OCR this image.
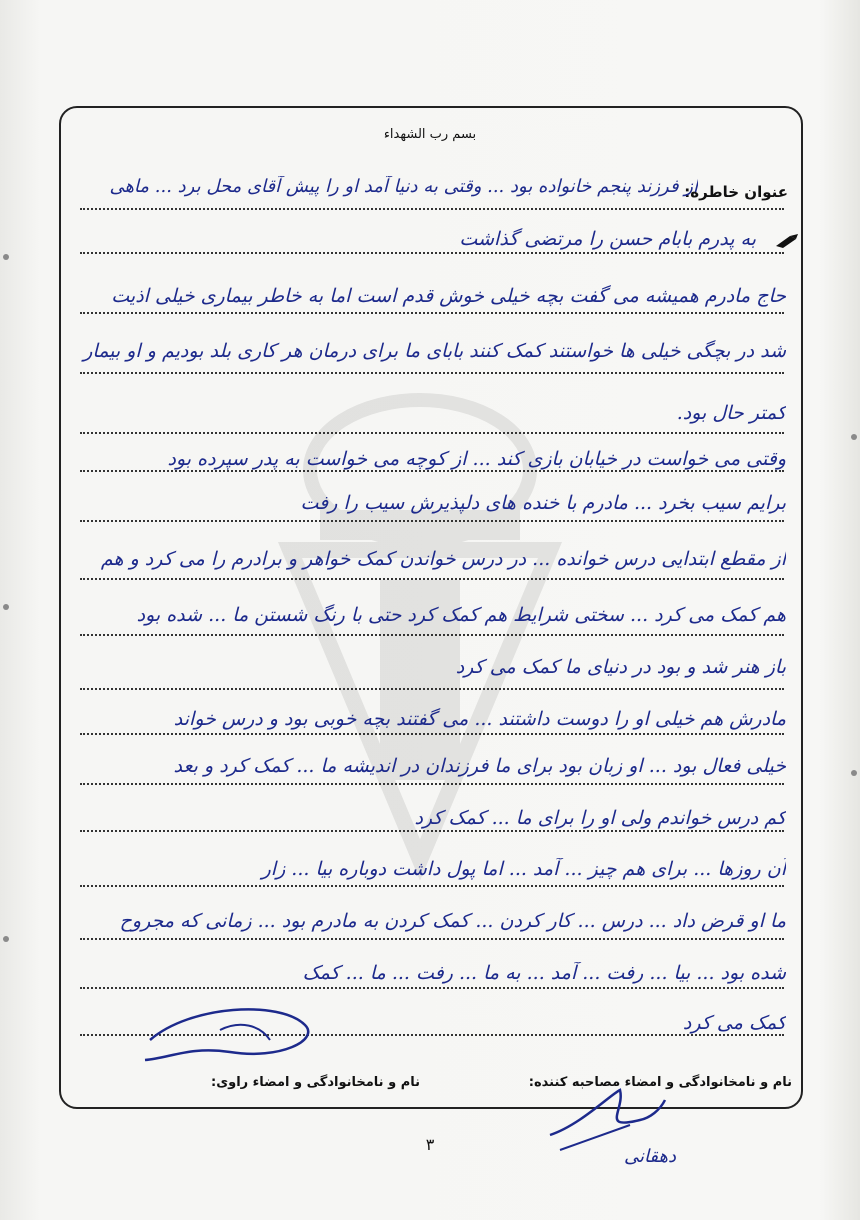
بسم رب الشهداء
عنوان خاطره:
از فرزند پنجم خانواده بود ... وقتی به دنیا آمد او را پیش آقای محل برد ... ماهی
به پدرم بابام حسن را مرتضی گذاشت
حاج مادرم همیشه می گفت بچه خیلی خوش قدم است اما به خاطر بیماری خیلی اذیت
شد در بچگی خیلی ها خواستند کمک کنند بابای ما برای درمان هر کاری بلد بودیم و او بیمار
کمتر حال بود.
وقتی می خواست در خیابان بازی کند ... از کوچه می خواست به پدر سپرده بود
برایم سیب بخرد ... مادرم با خنده های دلپذیرش سیب را رفت
از مقطع ابتدایی درس خوانده ... در درس خواندن کمک خواهر و برادرم را می کرد و هم
هم کمک می کرد ... سختی شرایط هم کمک کرد حتی با رنگ شستن ما ... شده بود
باز هنر شد و بود در دنیای ما کمک می کرد
مادرش هم خیلی او را دوست داشتند ... می گفتند بچه خوبی بود و درس خواند
خیلی فعال بود ... او زبان بود برای ما فرزندان در اندیشه ما ... کمک کرد و بعد
کم درس خواندم ولی او را برای ما ... کمک کرد
آن روزها ... برای هم چیز ... آمد ... اما پول داشت دوباره بیا ... زار
ما او قرض داد ... درس ... کار کردن ... کمک کردن به مادرم بود ... زمانی که مجروح
شده بود ... بیا ... رفت ... آمد ... به ما ... رفت ... ما ... کمک
کمک می کرد
نام و نامخانوادگی و امضاء مصاحبه کننده:
نام و نامخانوادگی و امضاء راوی:
دهقانی
۳
